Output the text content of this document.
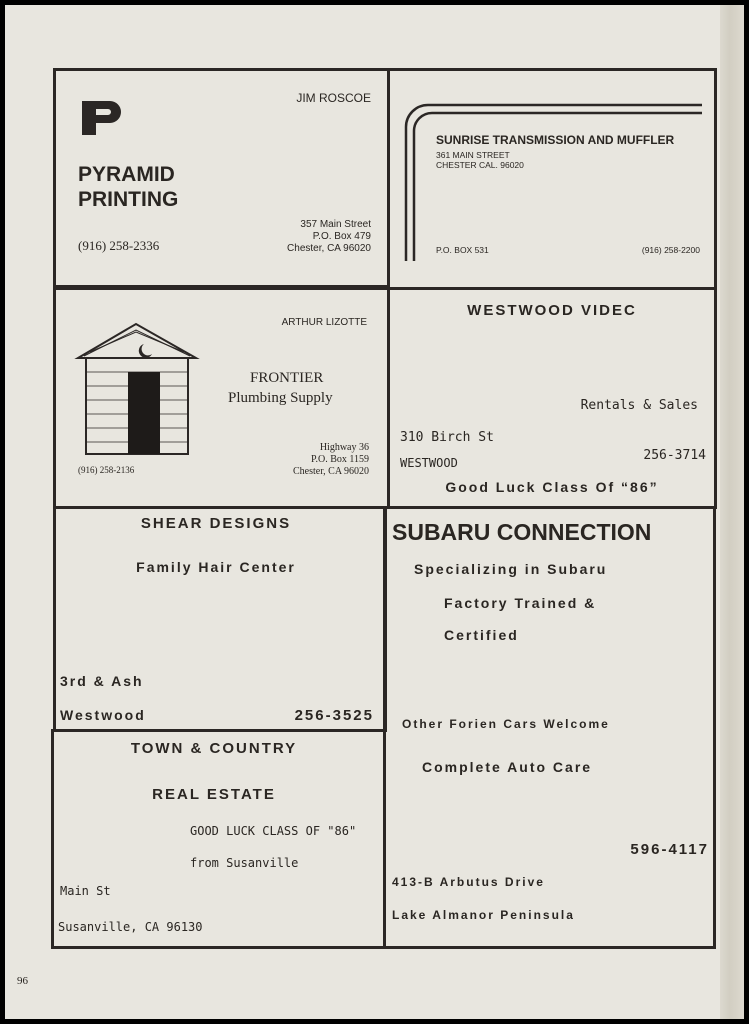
JIM ROSCOE
PYRAMID
PRINTING
(916) 258-2336
357 Main Street
P.O. Box 479
Chester, CA 96020
SUNRISE TRANSMISSION AND MUFFLER
361 MAIN STREET
CHESTER CAL. 96020
P.O. BOX 531	(916) 258-2200
ARTHUR LIZOTTE
FRONTIER
Plumbing Supply
(916) 258-2136
Highway 36
P.O. Box 1159
Chester, CA 96020
WESTWOOD VIDEC
Rentals & Sales
310 Birch St
WESTWOOD	256-3714
Good Luck Class Of “86”
SHEAR DESIGNS
Family Hair Center
3rd & Ash
Westwood	256-3525
SUBARU CONNECTION
Specializing in Subaru
Factory Trained &
Certified
Other Forien Cars Welcome
Complete Auto Care
596-4117
413-B Arbutus Drive
Lake Almanor Peninsula
TOWN & COUNTRY
REAL ESTATE
GOOD LUCK CLASS OF "86"
from Susanville
Main St
Susanville, CA 96130
96
